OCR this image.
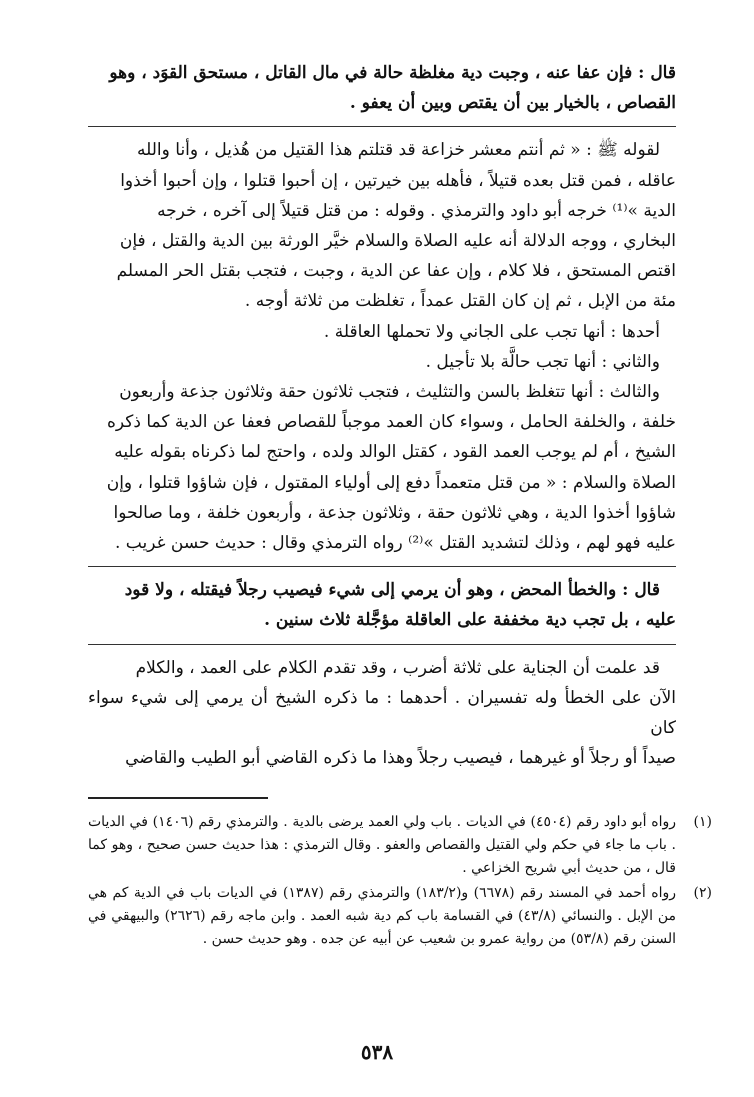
قال : فإن عفا عنه ، وجبت دية مغلظة حالة في مال القاتل ، مستحق القوَد ، وهو

القصاص ، بالخيار بين أن يقتص وبين أن يعفو .

لقوله ﷺ : « ثم أنتم معشر خزاعة قد قتلتم هذا القتيل من هُذيل ، وأنا والله

عاقله ، فمن قتل بعده قتيلاً ، فأهله بين خيرتين ، إن أحبوا قتلوا ، وإن أحبوا أخذوا

الدية »⁽¹⁾ خرجه أبو داود والترمذي . وقوله : من قتل قتيلاً إلى آخره ، خرجه

البخاري ، ووجه الدلالة أنه عليه الصلاة والسلام خيَّر الورثة بين الدية والقتل ، فإن

اقتص المستحق ، فلا كلام ، وإن عفا عن الدية ، وجبت ، فتجب بقتل الحر المسلم

مئة من الإبل ، ثم إن كان القتل عمداً ، تغلظت من ثلاثة أوجه .

أحدها : أنها تجب على الجاني ولا تحملها العاقلة .

والثاني : أنها تجب حالَّة بلا تأجيل .

والثالث : أنها تتغلظ بالسن والتثليث ، فتجب ثلاثون حقة وثلاثون جذعة وأربعون

خلفة ، والخلفة الحامل ، وسواء كان العمد موجباً للقصاص فعفا عن الدية كما ذكره

الشيخ ، أم لم يوجب العمد القود ، كقتل الوالد ولده ، واحتج لما ذكرناه بقوله عليه

الصلاة والسلام : « من قتل متعمداً دفع إلى أولياء المقتول ، فإن شاؤوا قتلوا ، وإن

شاؤوا أخذوا الدية ، وهي ثلاثون حقة ، وثلاثون جذعة ، وأربعون خلفة ، وما صالحوا

عليه فهو لهم ، وذلك لتشديد القتل »⁽²⁾ رواه الترمذي وقال : حديث حسن غريب .

قال : والخطأ المحض ، وهو أن يرمي إلى شيء فيصيب رجلاً فيقتله ، ولا قود

عليه ، بل تجب دية مخففة على العاقلة مؤجَّلة ثلاث سنين .

قد علمت أن الجناية على ثلاثة أضرب ، وقد تقدم الكلام على العمد ، والكلام

الآن على الخطأ وله تفسيران . أحدهما : ما ذكره الشيخ أن يرمي إلى شيء سواء كان

صيداً أو رجلاً أو غيرهما ، فيصيب رجلاً وهذا ما ذكره القاضي أبو الطيب والقاضي

(١)
رواه أبو داود رقم (٤٥٠٤) في الديات . باب ولي العمد يرضى بالدية . والترمذي رقم (١٤٠٦) في الديات . باب ما جاء في حكم ولي القتيل والقصاص والعفو . وقال الترمذي : هذا حديث حسن صحيح ، وهو كما قال ، من حديث أبي شريح الخزاعي .
(٢)
رواه أحمد في المسند رقم (٦٦٧٨) و(١٨٣/٢) والترمذي رقم (١٣٨٧) في الديات باب في الدية كم هي من الإبل . والنسائي (٤٣/٨) في القسامة باب كم دية شبه العمد . وابن ماجه رقم (٢٦٢٦) والبيهقي في السنن رقم (٥٣/٨) من رواية عمرو بن شعيب عن أبيه عن جده . وهو حديث حسن .
٥٣٨
